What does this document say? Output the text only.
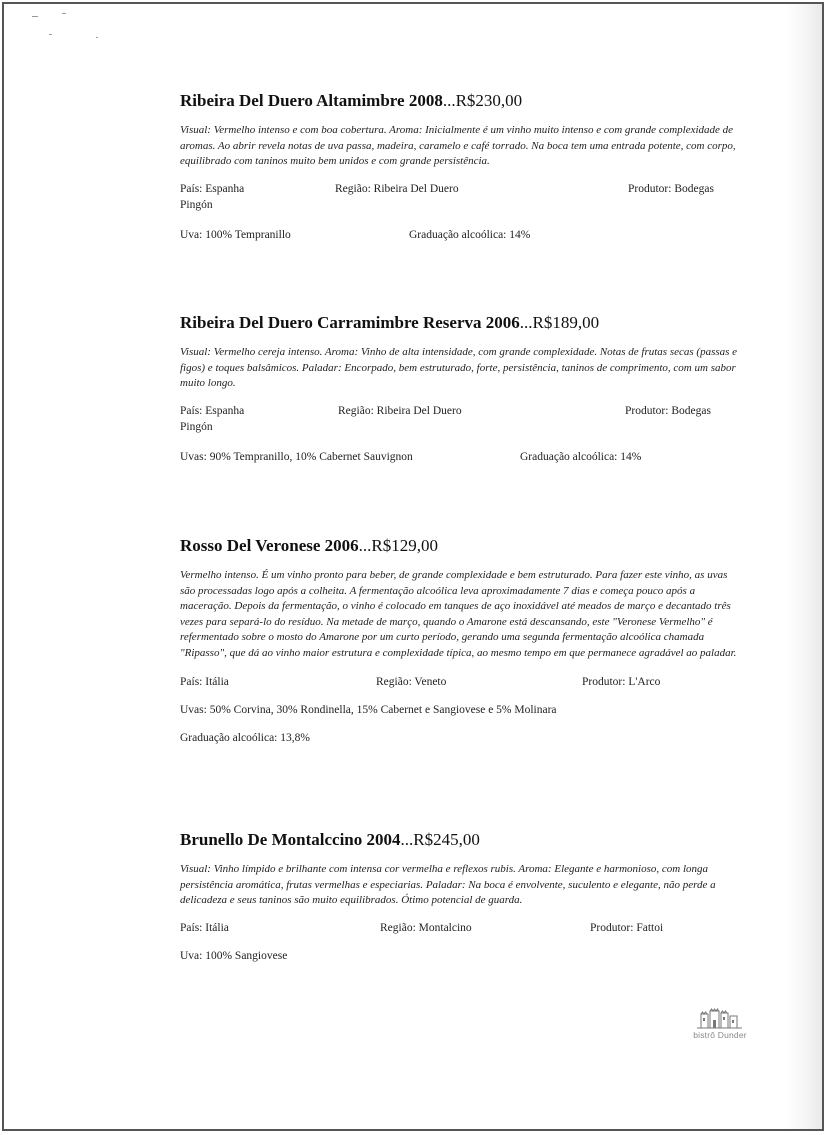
Ribeira Del Duero Altamimbre 2008...R$230,00
Visual: Vermelho intenso e com boa cobertura. Aroma: Inicialmente é um vinho muito intenso e com grande complexidade de aromas. Ao abrir revela notas de uva passa, madeira, caramelo e café torrado. Na boca tem uma entrada potente, com corpo, equilibrado com taninos muito bem unidos e com grande persistência.
País: Espanha	Região: Ribeira Del Duero	Produtor: Bodegas
Pingón
Uva: 100% Tempranillo	Graduação alcoólica: 14%
Ribeira Del Duero Carramimbre Reserva 2006...R$189,00
Visual: Vermelho cereja intenso. Aroma: Vinho de alta intensidade, com grande complexidade. Notas de frutas secas (passas e figos) e toques balsâmicos. Paladar: Encorpado, bem estruturado, forte, persistência, taninos de comprimento, com um sabor muito longo.
País: Espanha	Região: Ribeira Del Duero	Produtor: Bodegas
Pingón
Uvas: 90% Tempranillo, 10% Cabernet Sauvignon	Graduação alcoólica: 14%
Rosso Del Veronese 2006...R$129,00
Vermelho intenso. É um vinho pronto para beber, de grande complexidade e bem estruturado. Para fazer este vinho, as uvas são processadas logo após a colheita. A fermentação alcoólica leva aproximadamente 7 dias e começa pouco após a maceração. Depois da fermentação, o vinho é colocado em tanques de aço inoxidável até meados de março e decantado três vezes para separá-lo do resíduo. Na metade de março, quando o Amarone está descansando, este "Veronese Vermelho" é refermentado sobre o mosto do Amarone por um curto período, gerando uma segunda fermentação alcoólica chamada "Ripasso", que dá ao vinho maior estrutura e complexidade típica, ao mesmo tempo em que permanece agradável ao paladar.
País: Itália	Região: Veneto	Produtor: L'Arco
Uvas: 50% Corvina, 30% Rondinella, 15% Cabernet e Sangiovese e 5% Molinara
Graduação alcoólica: 13,8%
Brunello De Montalccino 2004...R$245,00
Visual: Vinho límpido e brilhante com intensa cor vermelha e reflexos rubis. Aroma: Elegante e harmonioso, com longa persistência aromática, frutas vermelhas e especiarias. Paladar: Na boca é envolvente, suculento e elegante, não perde a delicadeza e seus taninos são muito equilibrados. Ótimo potencial de guarda.
País: Itália	Região: Montalcino	Produtor: Fattoi
Uva: 100% Sangiovese
bistrô Dunder
